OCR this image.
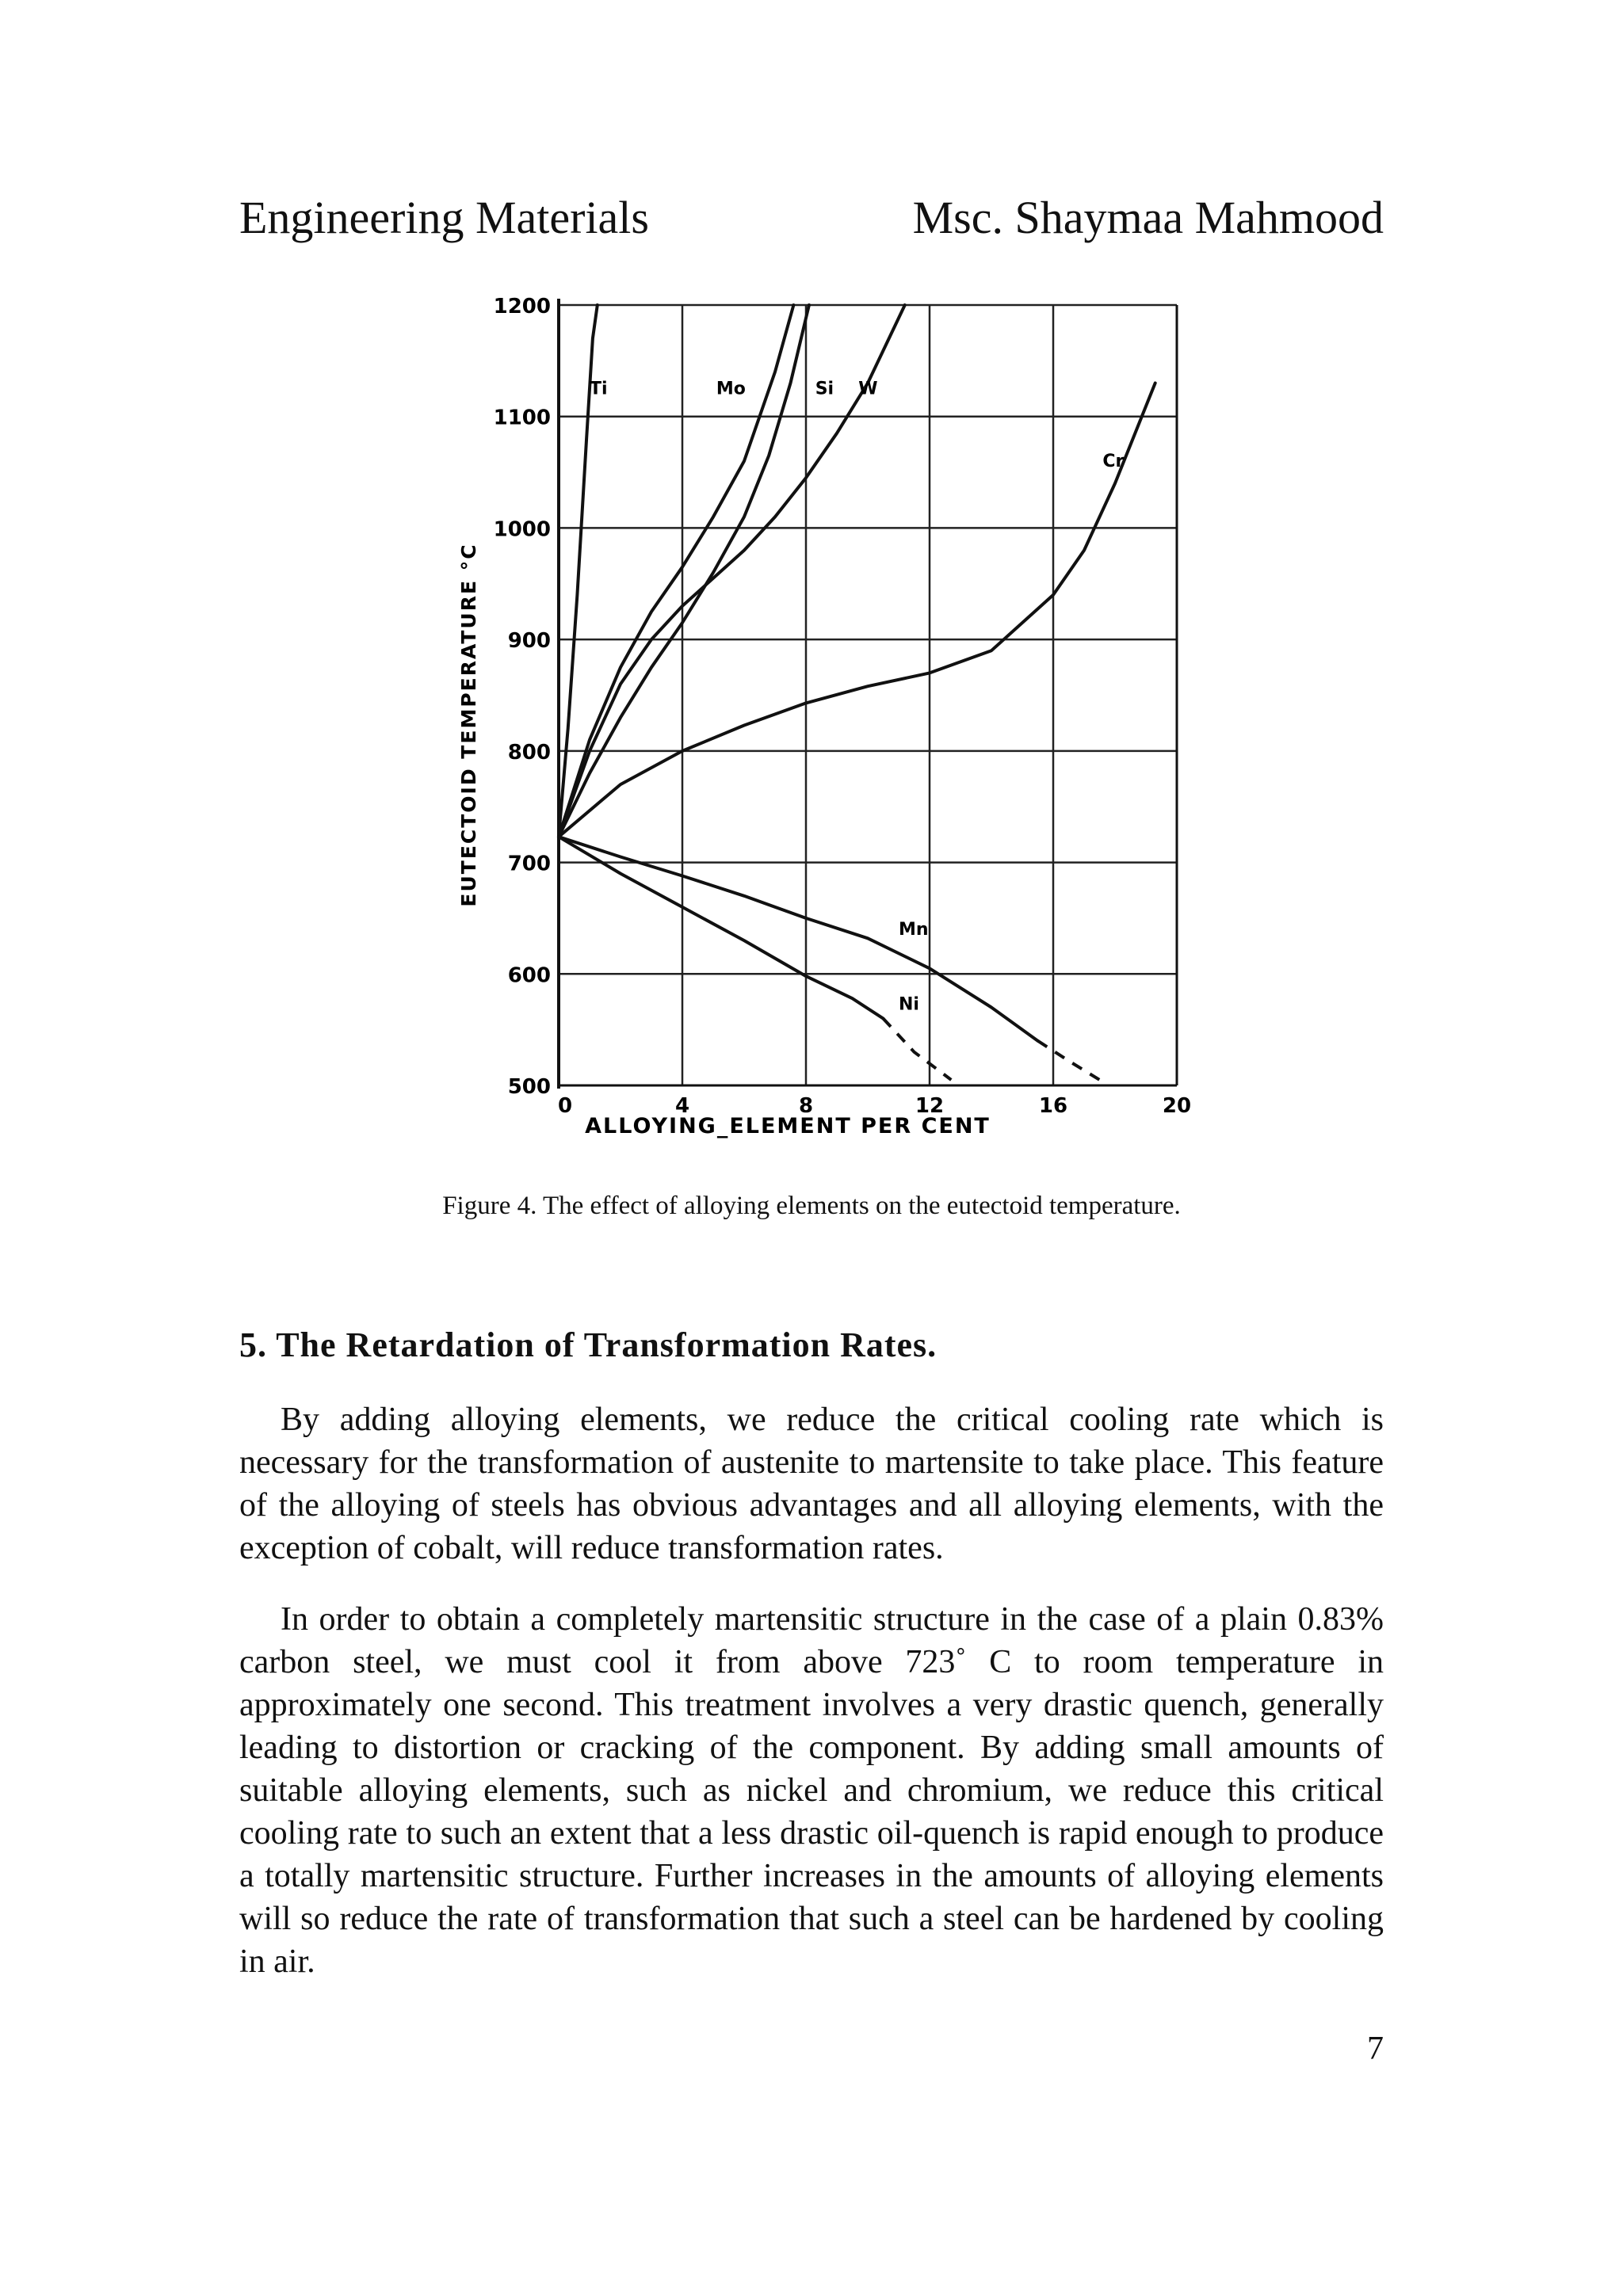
Engineering Materials	Msc. Shaymaa Mahmood
500
600
700
800
900
1000
1100
1200
0	4	8	12	16	20
Ti	Mo	Si W
Cr
Mn
Ni
ALLOYING_ELEMENT PER CENT
EUTECTOID TEMPERATURE °C
Figure 4. The effect of alloying elements on the eutectoid temperature.
5. The Retardation of Transformation Rates.

By adding alloying elements, we reduce the critical cooling rate which is necessary for the transformation of austenite to martensite to take place. This feature of the alloying of steels has obvious advantages and all alloying elements, with the exception of cobalt, will reduce transformation rates.

In order to obtain a completely martensitic structure in the case of a plain 0.83% carbon steel, we must cool it from above 723˚ C to room temperature in approximately one second. This treatment involves a very drastic quench, generally leading to distortion or cracking of the component. By adding small amounts of suitable alloying elements, such as nickel and chromium, we reduce this critical cooling rate to such an extent that a less drastic oil-quench is rapid enough to produce a totally martensitic structure. Further increases in the amounts of alloying elements will so reduce the rate of transformation that such a steel can be hardened by cooling in air.

7
